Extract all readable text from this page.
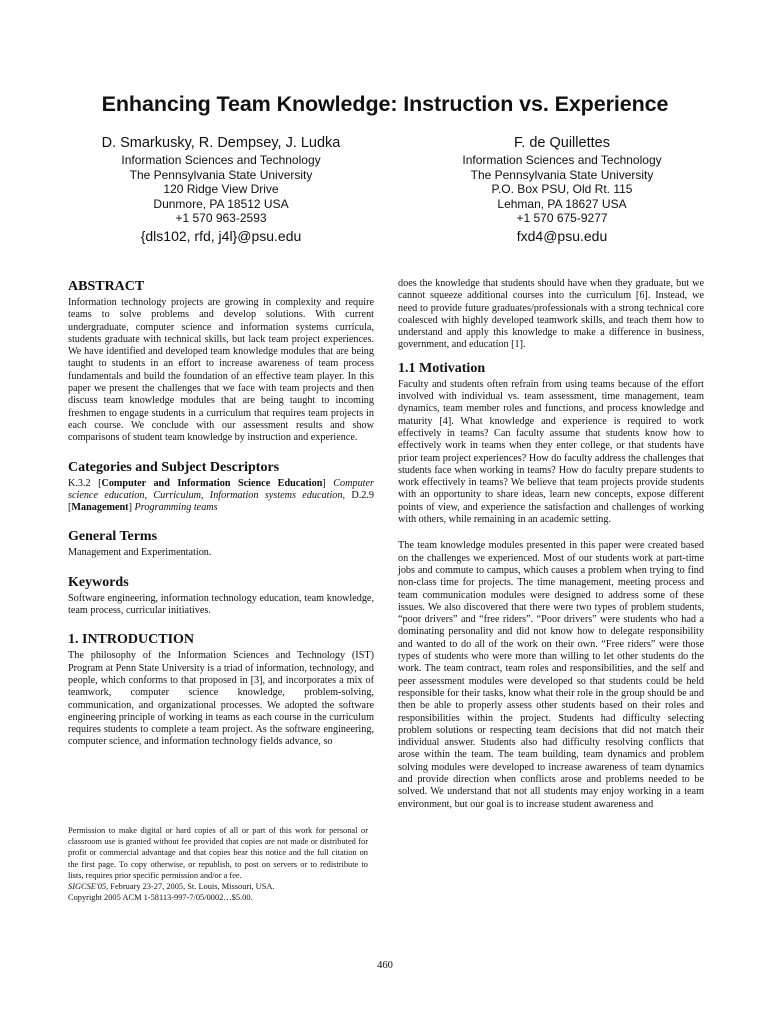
Enhancing Team Knowledge: Instruction vs. Experience
D. Smarkusky, R. Dempsey, J. Ludka
Information Sciences and Technology
The Pennsylvania State University
120 Ridge View Drive
Dunmore, PA 18512 USA
+1 570 963-2593
{dls102, rfd, j4l}@psu.edu
F. de Quillettes
Information Sciences and Technology
The Pennsylvania State University
P.O. Box PSU, Old Rt. 115
Lehman, PA 18627 USA
+1 570 675-9277
fxd4@psu.edu
ABSTRACT

Information technology projects are growing in complexity and require teams to solve problems and develop solutions. With current undergraduate, computer science and information systems curricula, students graduate with technical skills, but lack team project experiences. We have identified and developed team knowledge modules that are being taught to students in an effort to increase awareness of team process fundamentals and build the foundation of an effective team player. In this paper we present the challenges that we face with team projects and then discuss team knowledge modules that are being taught to incoming freshmen to engage students in a curriculum that requires team projects in each course. We conclude with our assessment results and show comparisons of student team knowledge by instruction and experience.

Categories and Subject Descriptors

K.3.2 [Computer and Information Science Education] Computer science education, Curriculum, Information systems education, D.2.9 [Management] Programming teams

General Terms

Management and Experimentation.

Keywords

Software engineering, information technology education, team knowledge, team process, curricular initiatives.

1. INTRODUCTION

The philosophy of the Information Sciences and Technology (IST) Program at Penn State University is a triad of information, technology, and people, which conforms to that proposed in [3], and incorporates a mix of teamwork, computer science knowledge, problem-solving, communication, and organizational processes. We adopted the software engineering principle of working in teams as each course in the curriculum requires students to complete a team project. As the software engineering, computer science, and information technology fields advance, so

Permission to make digital or hard copies of all or part of this work for personal or classroom use is granted without fee provided that copies are not made or distributed for profit or commercial advantage and that copies bear this notice and the full citation on the first page. To copy otherwise, or republish, to post on servers or to redistribute to lists, requires prior specific permission and/or a fee.

SIGCSE'05, February 23-27, 2005, St. Louis, Missouri, USA.

Copyright 2005 ACM 1-58113-997-7/05/0002…$5.00.

does the knowledge that students should have when they graduate, but we cannot squeeze additional courses into the curriculum [6]. Instead, we need to provide future graduates/professionals with a strong technical core coalesced with highly developed teamwork skills, and teach them how to understand and apply this knowledge to make a difference in business, government, and education [1].

1.1 Motivation

Faculty and students often refrain from using teams because of the effort involved with individual vs. team assessment, time management, team dynamics, team member roles and functions, and process knowledge and maturity [4]. What knowledge and experience is required to work effectively in teams? Can faculty assume that students know how to effectively work in teams when they enter college, or that students have prior team project experiences? How do faculty address the challenges that students face when working in teams? How do faculty prepare students to work effectively in teams? We believe that team projects provide students with an opportunity to share ideas, learn new concepts, expose different points of view, and experience the satisfaction and challenges of working with others, while remaining in an academic setting.

The team knowledge modules presented in this paper were created based on the challenges we experienced. Most of our students work at part-time jobs and commute to campus, which causes a problem when trying to find non-class time for projects. The time management, meeting process and team communication modules were designed to address some of these issues. We also discovered that there were two types of problem students, “poor drivers” and “free riders”. “Poor drivers” were students who had a dominating personality and did not know how to delegate responsibility and wanted to do all of the work on their own. “Free riders” were those types of students who were more than willing to let other students do the work. The team contract, team roles and responsibilities, and the self and peer assessment modules were developed so that students could be held responsible for their tasks, know what their role in the group should be and then be able to properly assess other students based on their roles and responsibilities within the project. Students had difficulty selecting problem solutions or respecting team decisions that did not match their individual answer. Students also had difficulty resolving conflicts that arose within the team. The team building, team dynamics and problem solving modules were developed to increase awareness of team dynamics and provide direction when conflicts arose and problems needed to be solved. We understand that not all students may enjoy working in a team environment, but our goal is to increase student awareness and

460
